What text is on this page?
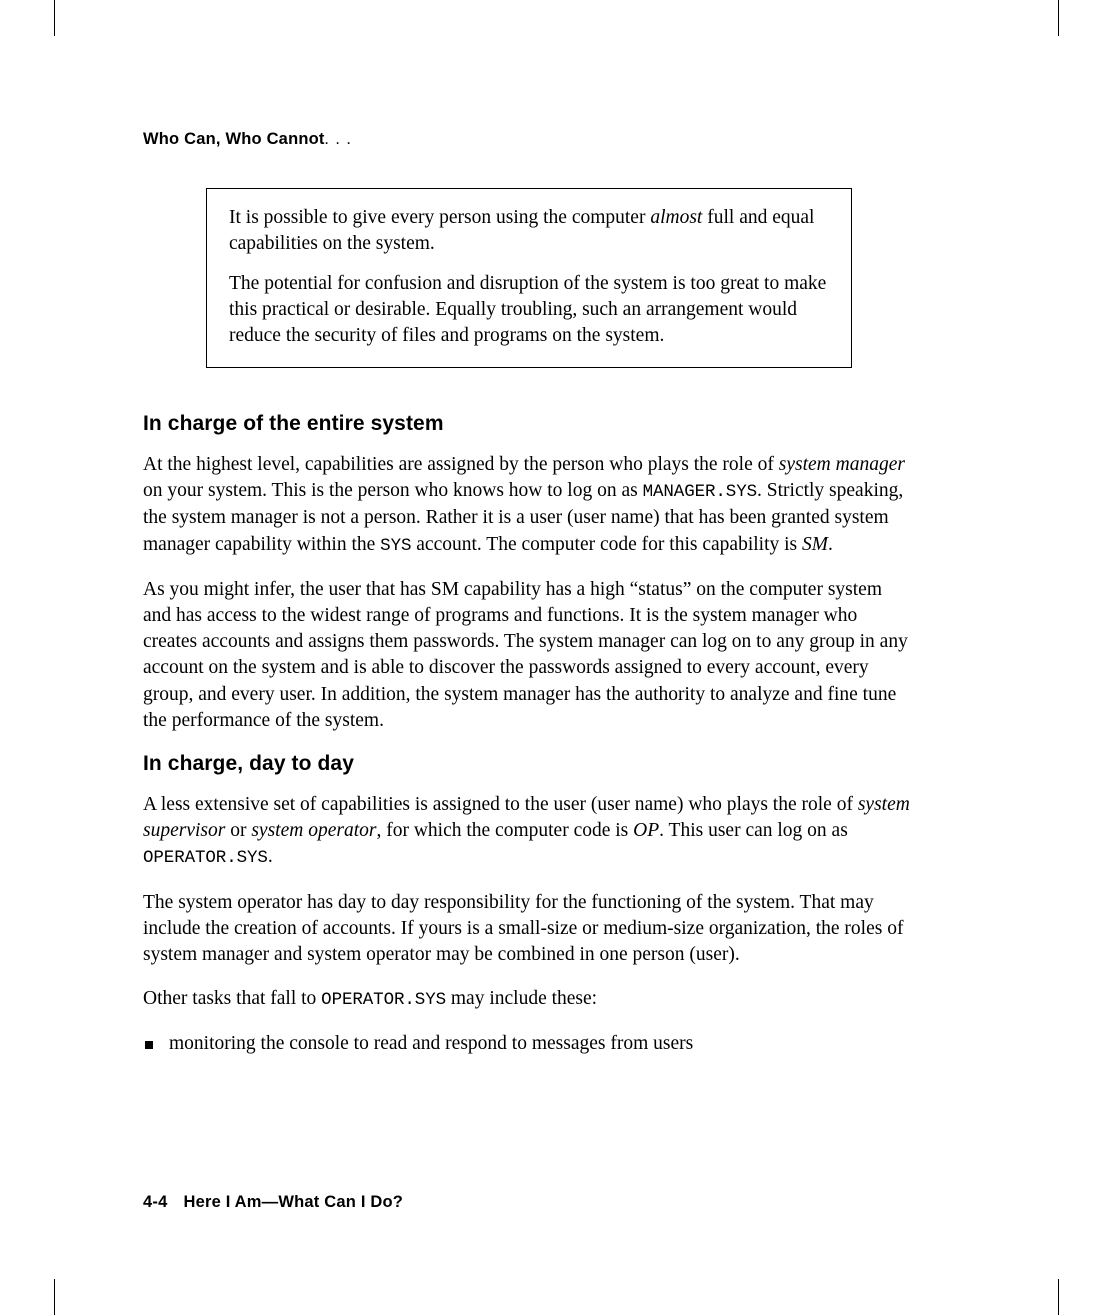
Who Can, Who Cannot. . .

It is possible to give every person using the computer almost full and equal capabilities on the system.

The potential for confusion and disruption of the system is too great to make this practical or desirable. Equally troubling, such an arrangement would reduce the security of files and programs on the system.

In charge of the entire system

At the highest level, capabilities are assigned by the person who plays the role of system manager on your system. This is the person who knows how to log on as MANAGER.SYS. Strictly speaking, the system manager is not a person. Rather it is a user (user name) that has been granted system manager capability within the SYS account. The computer code for this capability is SM.

As you might infer, the user that has SM capability has a high “status” on the computer system and has access to the widest range of programs and functions. It is the system manager who creates accounts and assigns them passwords. The system manager can log on to any group in any account on the system and is able to discover the passwords assigned to every account, every group, and every user. In addition, the system manager has the authority to analyze and fine tune the performance of the system.

In charge, day to day

A less extensive set of capabilities is assigned to the user (user name) who plays the role of system supervisor or system operator, for which the computer code is OP. This user can log on as OPERATOR.SYS.

The system operator has day to day responsibility for the functioning of the system. That may include the creation of accounts. If yours is a small-size or medium-size organization, the roles of system manager and system operator may be combined in one person (user).

Other tasks that fall to OPERATOR.SYS may include these:

monitoring the console to read and respond to messages from users
4-4 Here I Am—What Can I Do?
